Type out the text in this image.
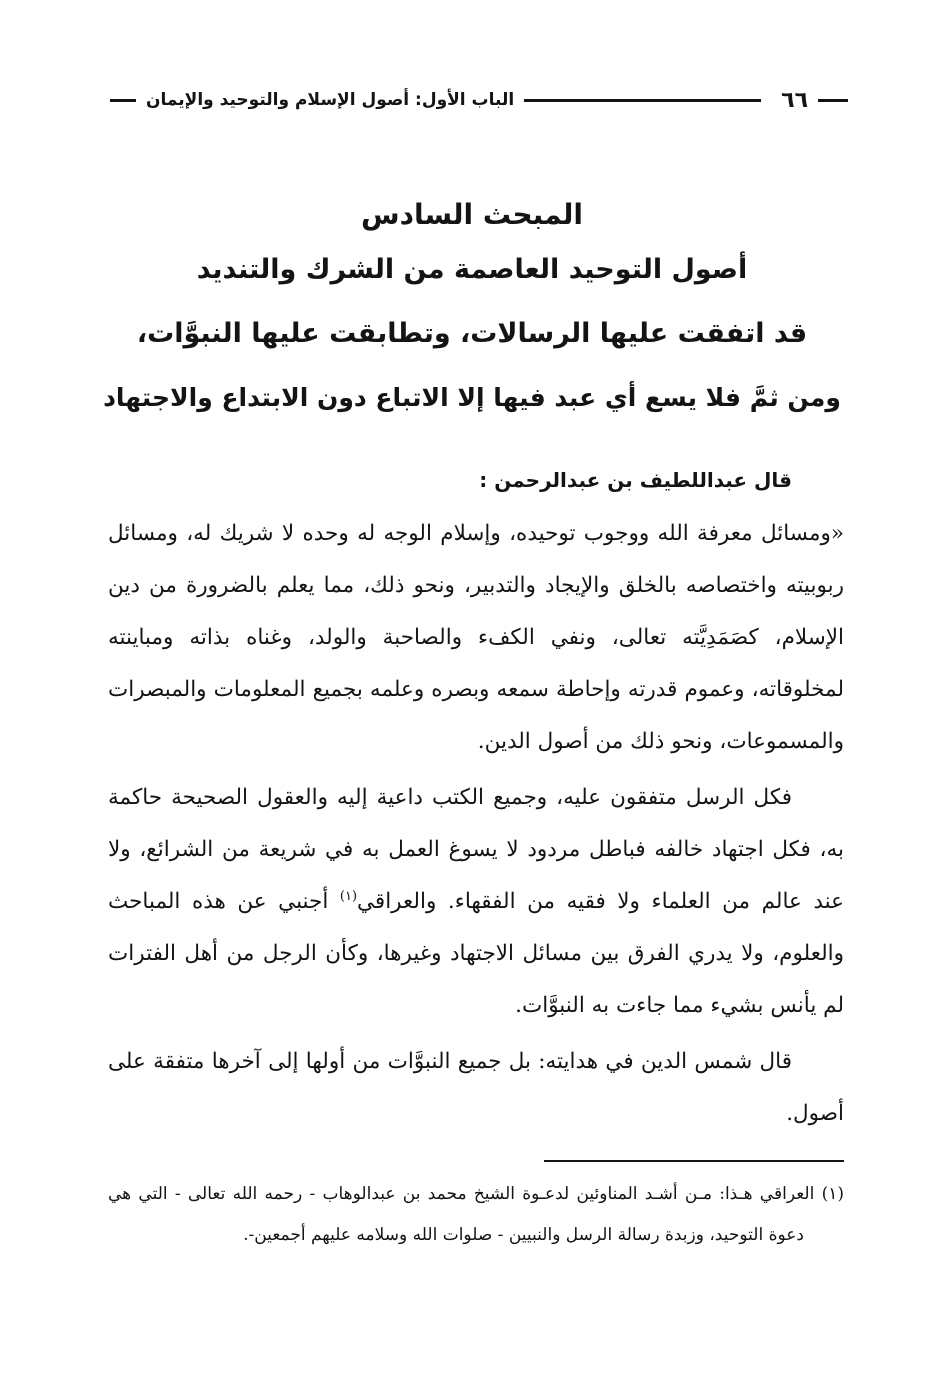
٦٦
الباب الأول: أصول الإسلام والتوحيد والإيمان

المبحث السادس

أصول التوحيد العاصمة من الشرك والتنديد

قد اتفقت عليها الرسالات، وتطابقت عليها النبوَّات،

ومن ثمَّ فلا يسع أي عبد فيها إلا الاتباع دون الابتداع والاجتهاد

قال عبداللطيف بن عبدالرحمن :

«ومسائل معرفة الله ووجوب توحيده، وإسلام الوجه له وحده لا شريك له، ومسائل ربوبيته واختصاصه بالخلق والإيجاد والتدبير، ونحو ذلك، مما يعلم بالضرورة من دين الإسلام، كصَمَدِيَّته تعالى، ونفي الكفء والصاحبة والولد، وغناه بذاته ومباينته لمخلوقاته، وعموم قدرته وإحاطة سمعه وبصره وعلمه بجميع المعلومات والمبصرات والمسموعات، ونحو ذلك من أصول الدين.

فكل الرسل متفقون عليه، وجميع الكتب داعية إليه والعقول الصحيحة حاكمة به، فكل اجتهاد خالفه فباطل مردود لا يسوغ العمل به في شريعة من الشرائع، ولا عند عالم من العلماء ولا فقيه من الفقهاء. والعراقي$^{(١)}$ أجنبي عن هذه المباحث والعلوم، ولا يدري الفرق بين مسائل الاجتهاد وغيرها، وكأن الرجل من أهل الفترات لم يأنس بشيء مما جاءت به النبوَّات.

قال شمس الدين في هدايته: بل جميع النبوَّات من أولها إلى آخرها متفقة على أصول.

(١) العراقي هـذا: مـن أشـد المناوئين لدعـوة الشيخ محمد بن عبدالوهاب - رحمه الله تعالى - التي هي دعوة التوحيد، وزبدة رسالة الرسل والنبيين - صلوات الله وسلامه عليهم أجمعين-.
